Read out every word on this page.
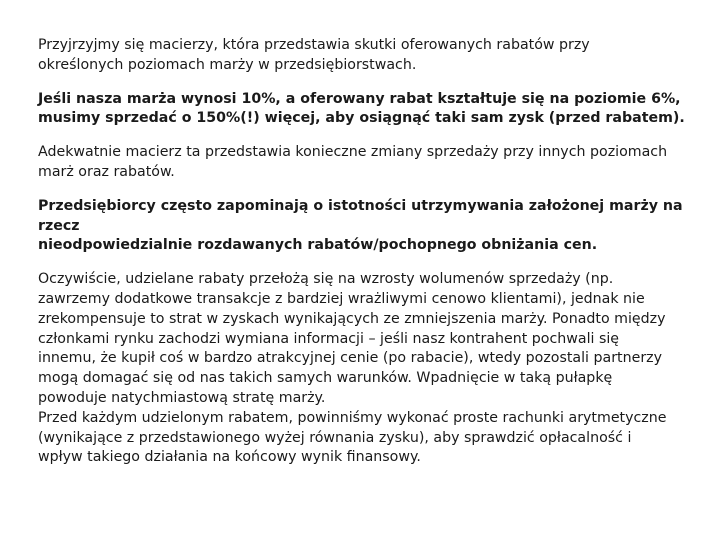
Przyjrzyjmy się macierzy, która przedstawia skutki oferowanych rabatów przy
określonych poziomach marży w przedsiębiorstwach.

Jeśli nasza marża wynosi 10%, a oferowany rabat kształtuje się na poziomie 6%,
musimy sprzedać o 150%(!) więcej, aby osiągnąć taki sam zysk (przed rabatem).

Adekwatnie macierz ta przedstawia konieczne zmiany sprzedaży przy innych poziomach
marż oraz rabatów.

Przedsiębiorcy często zapominają o istotności utrzymywania założonej marży na rzecz
nieodpowiedzialnie rozdawanych rabatów/pochopnego obniżania cen.

Oczywiście, udzielane rabaty przełożą się na wzrosty wolumenów sprzedaży (np.
zawrzemy dodatkowe transakcje z bardziej wrażliwymi cenowo klientami), jednak nie
zrekompensuje to strat w zyskach wynikających ze zmniejszenia marży. Ponadto między
członkami rynku zachodzi wymiana informacji – jeśli nasz kontrahent pochwali się
innemu, że kupił coś w bardzo atrakcyjnej cenie (po rabacie), wtedy pozostali partnerzy
mogą domagać się od nas takich samych warunków. Wpadnięcie w taką pułapkę
powoduje natychmiastową stratę marży.

Przed każdym udzielonym rabatem, powinniśmy wykonać proste rachunki arytmetyczne
(wynikające z przedstawionego wyżej równania zysku), aby sprawdzić opłacalność i
wpływ takiego działania na końcowy wynik finansowy.
